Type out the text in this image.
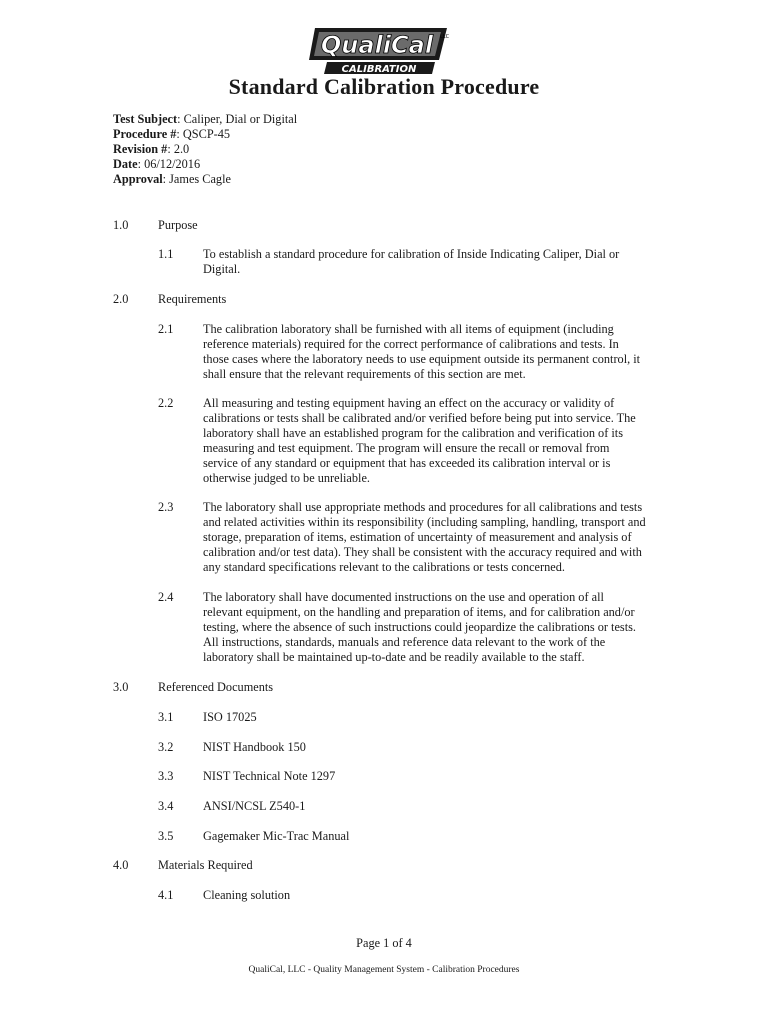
QualiCal LLC
CALIBRATION
Standard Calibration Procedure
Test Subject: Caliper, Dial or Digital
Procedure #: QSCP-45
Revision #: 2.0
Date: 06/12/2016
Approval: James Cagle
1.0 Purpose
1.1 To establish a standard procedure for calibration of Inside Indicating Caliper, Dial or

Digital.

2.0 Requirements
2.1 The calibration laboratory shall be furnished with all items of equipment (including

reference materials) required for the correct performance of calibrations and tests. In

those cases where the laboratory needs to use equipment outside its permanent control, it

shall ensure that the relevant requirements of this section are met.

2.2 All measuring and testing equipment having an effect on the accuracy or validity of

calibrations or tests shall be calibrated and/or verified before being put into service. The

laboratory shall have an established program for the calibration and verification of its

measuring and test equipment. The program will ensure the recall or removal from

service of any standard or equipment that has exceeded its calibration interval or is

otherwise judged to be unreliable.

2.3 The laboratory shall use appropriate methods and procedures for all calibrations and tests

and related activities within its responsibility (including sampling, handling, transport and

storage, preparation of items, estimation of uncertainty of measurement and analysis of

calibration and/or test data). They shall be consistent with the accuracy required and with

any standard specifications relevant to the calibrations or tests concerned.

2.4 The laboratory shall have documented instructions on the use and operation of all

relevant equipment, on the handling and preparation of items, and for calibration and/or

testing, where the absence of such instructions could jeopardize the calibrations or tests.

All instructions, standards, manuals and reference data relevant to the work of the

laboratory shall be maintained up-to-date and be readily available to the staff.

3.0 Referenced Documents
3.1 ISO 17025

3.2 NIST Handbook 150

3.3 NIST Technical Note 1297

3.4 ANSI/NCSL Z540-1

3.5 Gagemaker Mic-Trac Manual

4.0 Materials Required
4.1 Cleaning solution

Page 1 of 4
QualiCal, LLC - Quality Management System - Calibration Procedures
